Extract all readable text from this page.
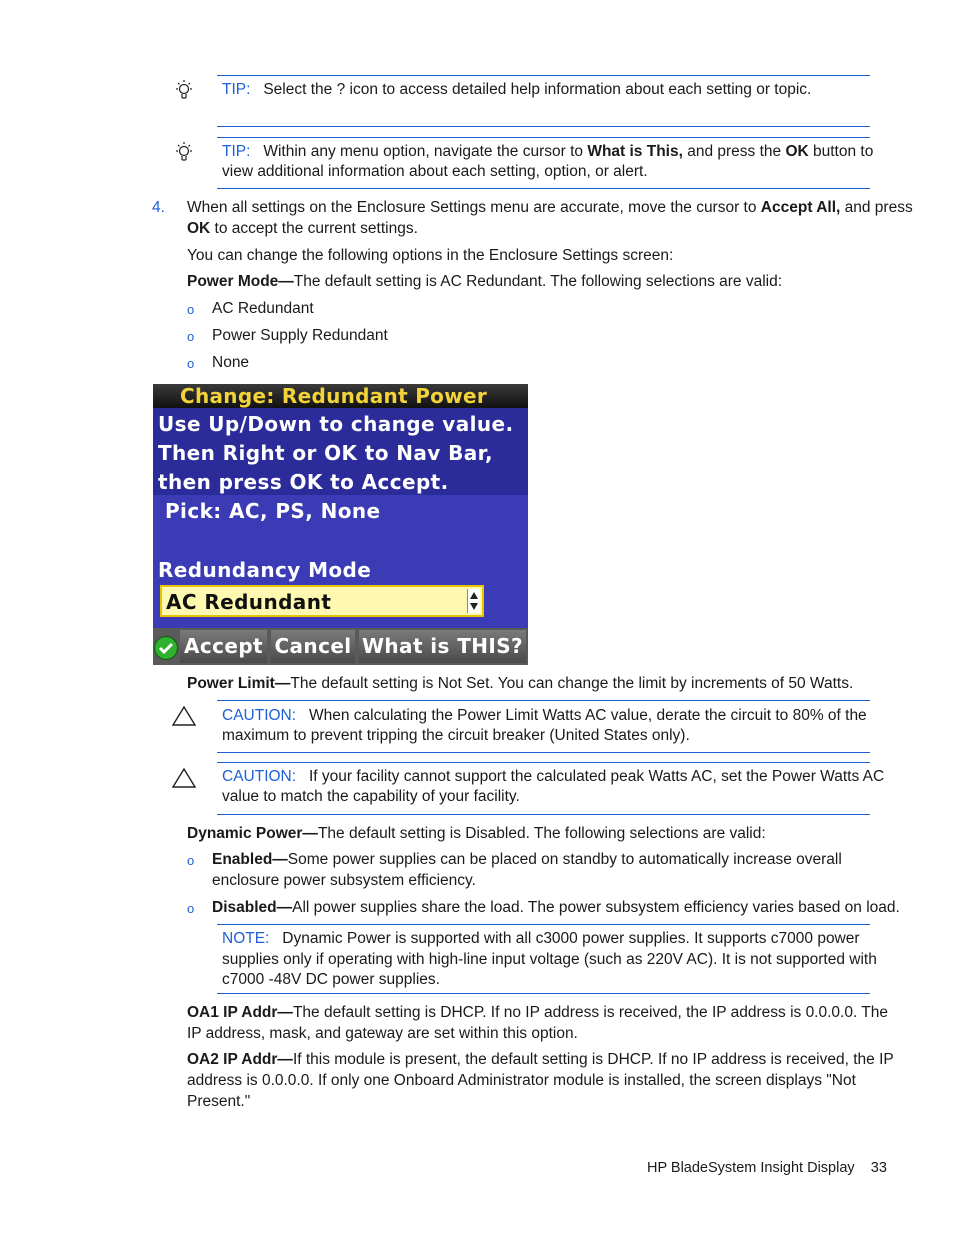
TIP: Select the ? icon to access detailed help information about each setting or topic.
TIP: Within any menu option, navigate the cursor to What is This, and press the OK button to
view additional information about each setting, option, or alert.
4. When all settings on the Enclosure Settings menu are accurate, move the cursor to Accept All, and press
OK to accept the current settings.
You can change the following options in the Enclosure Settings screen:
Power Mode—The default setting is AC Redundant. The following selections are valid:
o AC Redundant
o Power Supply Redundant
o None
Change: Redundant Power
Use Up/Down to change value.
Then Right or OK to Nav Bar,
then press OK to Accept.
Pick: AC, PS, None
Redundancy Mode
AC Redundant
Accept Cancel What is THIS?
Power Limit—The default setting is Not Set. You can change the limit by increments of 50 Watts.
CAUTION: When calculating the Power Limit Watts AC value, derate the circuit to 80% of the
maximum to prevent tripping the circuit breaker (United States only).
CAUTION: If your facility cannot support the calculated peak Watts AC, set the Power Watts AC
value to match the capability of your facility.
Dynamic Power—The default setting is Disabled. The following selections are valid:
o Enabled—Some power supplies can be placed on standby to automatically increase overall
enclosure power subsystem efficiency.
o Disabled—All power supplies share the load. The power subsystem efficiency varies based on load.
NOTE: Dynamic Power is supported with all c3000 power supplies. It supports c7000 power
supplies only if operating with high-line input voltage (such as 220V AC). It is not supported with
c7000 -48V DC power supplies.
OA1 IP Addr—The default setting is DHCP. If no IP address is received, the IP address is 0.0.0.0. The
IP address, mask, and gateway are set within this option.
OA2 IP Addr—If this module is present, the default setting is DHCP. If no IP address is received, the IP
address is 0.0.0.0. If only one Onboard Administrator module is installed, the screen displays "Not
Present."
HP BladeSystem Insight Display 33
